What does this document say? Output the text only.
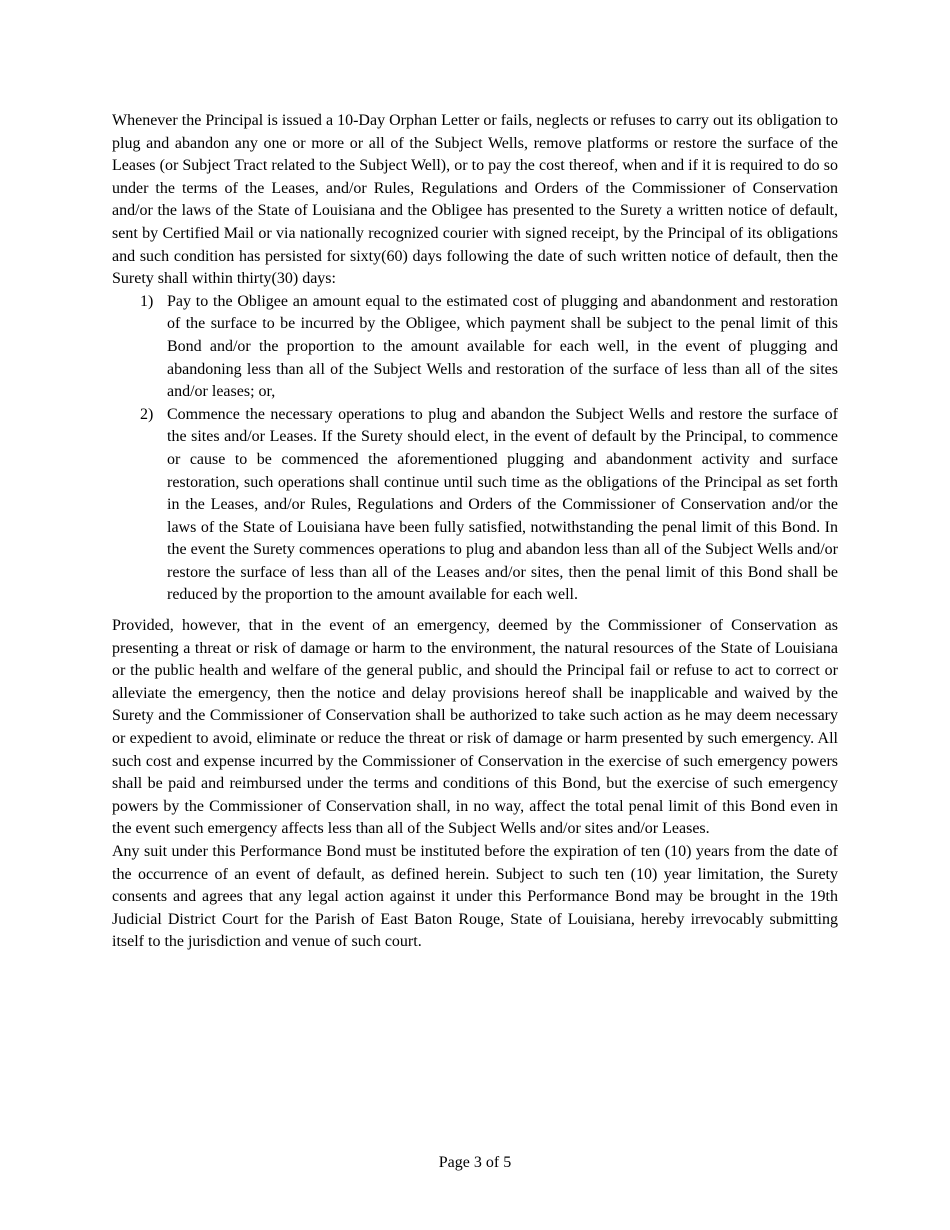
Whenever the Principal is issued a 10-Day Orphan Letter or fails, neglects or refuses to carry out its obligation to plug and abandon any one or more or all of the Subject Wells, remove platforms or restore the surface of the Leases (or Subject Tract related to the Subject Well), or to pay the cost thereof, when and if it is required to do so under the terms of the Leases, and/or Rules, Regulations and Orders of the Commissioner of Conservation and/or the laws of the State of Louisiana and the Obligee has presented to the Surety a written notice of default, sent by Certified Mail or via nationally recognized courier with signed receipt, by the Principal of its obligations and such condition has persisted for sixty(60) days following the date of such written notice of default, then the Surety shall within thirty(30) days:

1) Pay to the Obligee an amount equal to the estimated cost of plugging and abandonment and restoration of the surface to be incurred by the Obligee, which payment shall be subject to the penal limit of this Bond and/or the proportion to the amount available for each well, in the event of plugging and abandoning less than all of the Subject Wells and restoration of the surface of less than all of the sites and/or leases; or,
2) Commence the necessary operations to plug and abandon the Subject Wells and restore the surface of the sites and/or Leases. If the Surety should elect, in the event of default by the Principal, to commence or cause to be commenced the aforementioned plugging and abandonment activity and surface restoration, such operations shall continue until such time as the obligations of the Principal as set forth in the Leases, and/or Rules, Regulations and Orders of the Commissioner of Conservation and/or the laws of the State of Louisiana have been fully satisfied, notwithstanding the penal limit of this Bond. In the event the Surety commences operations to plug and abandon less than all of the Subject Wells and/or restore the surface of less than all of the Leases and/or sites, then the penal limit of this Bond shall be reduced by the proportion to the amount available for each well.

Provided, however, that in the event of an emergency, deemed by the Commissioner of Conservation as presenting a threat or risk of damage or harm to the environment, the natural resources of the State of Louisiana or the public health and welfare of the general public, and should the Principal fail or refuse to act to correct or alleviate the emergency, then the notice and delay provisions hereof shall be inapplicable and waived by the Surety and the Commissioner of Conservation shall be authorized to take such action as he may deem necessary or expedient to avoid, eliminate or reduce the threat or risk of damage or harm presented by such emergency. All such cost and expense incurred by the Commissioner of Conservation in the exercise of such emergency powers shall be paid and reimbursed under the terms and conditions of this Bond, but the exercise of such emergency powers by the Commissioner of Conservation shall, in no way, affect the total penal limit of this Bond even in the event such emergency affects less than all of the Subject Wells and/or sites and/or Leases.

Any suit under this Performance Bond must be instituted before the expiration of ten (10) years from the date of the occurrence of an event of default, as defined herein. Subject to such ten (10) year limitation, the Surety consents and agrees that any legal action against it under this Performance Bond may be brought in the 19th Judicial District Court for the Parish of East Baton Rouge, State of Louisiana, hereby irrevocably submitting itself to the jurisdiction and venue of such court.

Page 3 of 5
